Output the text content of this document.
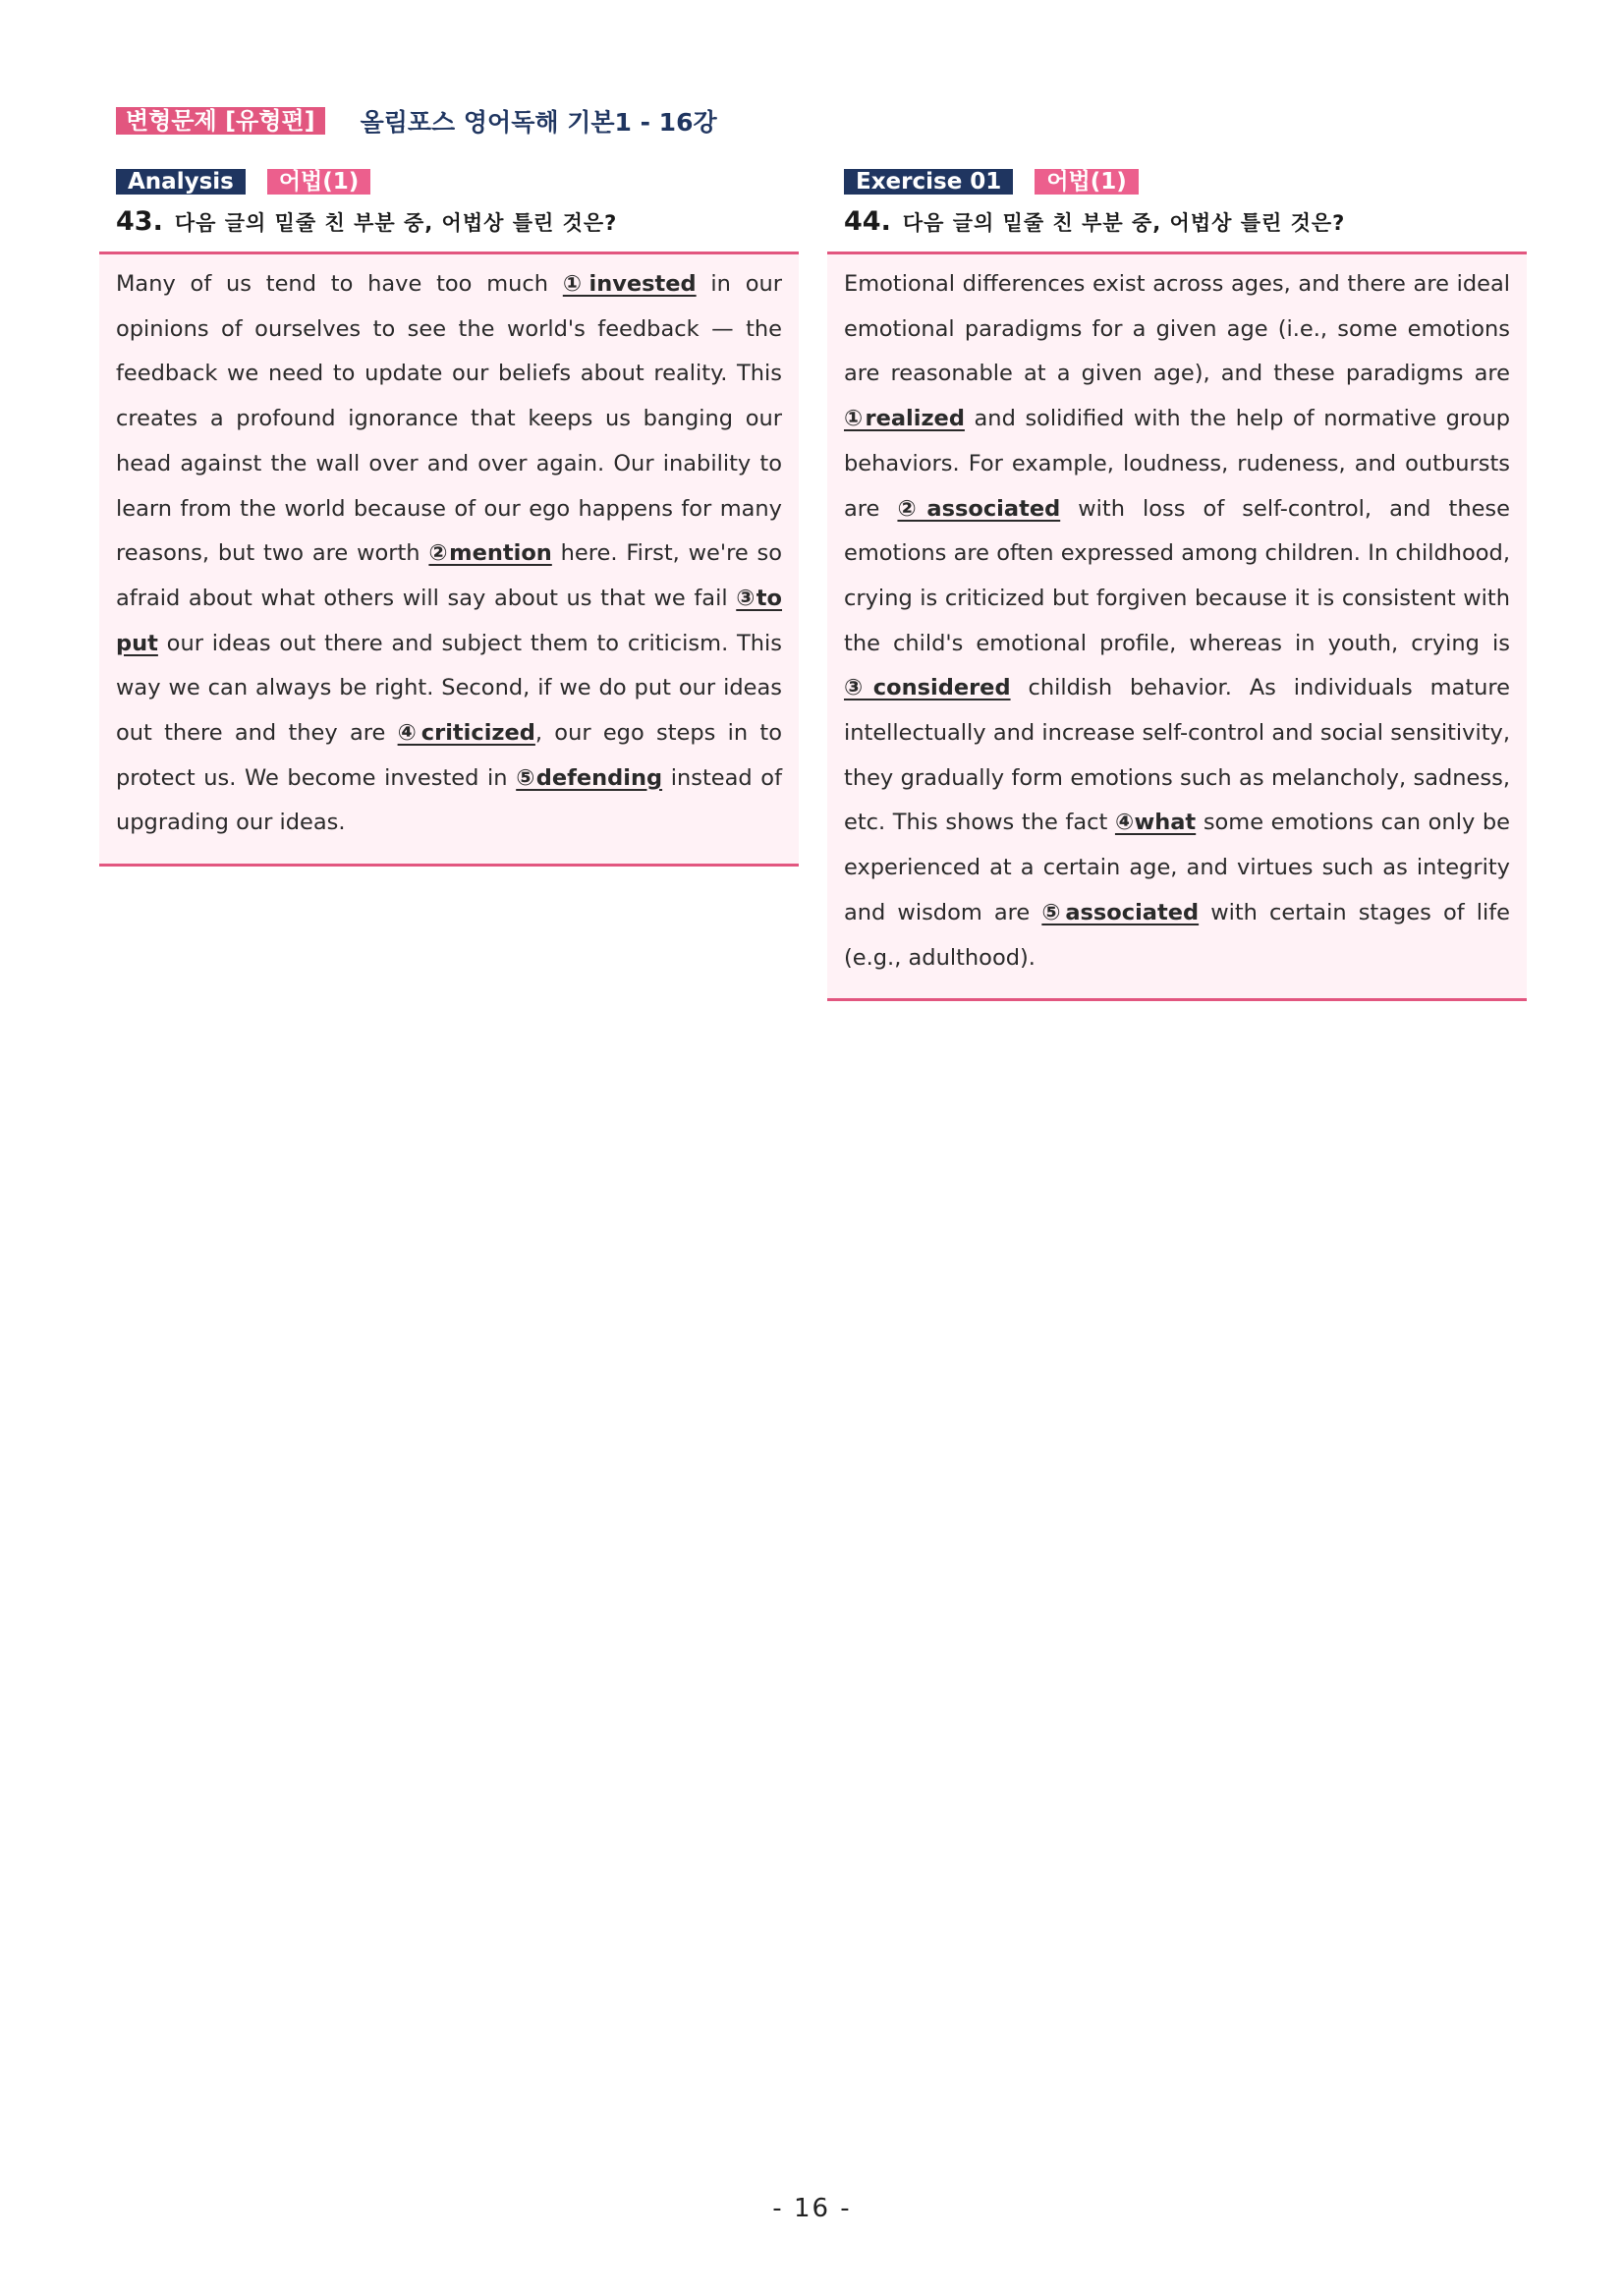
변형문제 [유형편]	올림포스 영어독해 기본1 - 16강
Analysis	어법(1)
43. 다음 글의 밑줄 친 부분 중, 어법상 틀린 것은?

Many of us tend to have too much ①invested in our opinions of ourselves to see the world's feedback — the feedback we need to update our beliefs about reality. This creates a profound ignorance that keeps us banging our head against the wall over and over again. Our inability to learn from the world because of our ego happens for many reasons, but two are worth ②mention here. First, we're so afraid about what others will say about us that we fail ③to put our ideas out there and subject them to criticism. This way we can always be right. Second, if we do put our ideas out there and they are ④criticized, our ego steps in to protect us. We become invested in ⑤defending instead of upgrading our ideas.

Exercise 01	어법(1)
44. 다음 글의 밑줄 친 부분 중, 어법상 틀린 것은?

Emotional differences exist across ages, and there are ideal emotional paradigms for a given age (i.e., some emotions are reasonable at a given age), and these paradigms are ①realized and solidified with the help of normative group behaviors. For example, loudness, rudeness, and outbursts are ②associated with loss of self-control, and these emotions are often expressed among children. In childhood, crying is criticized but forgiven because it is consistent with the child's emotional profile, whereas in youth, crying is ③considered childish behavior. As individuals mature intellectually and increase self-control and social sensitivity, they gradually form emotions such as melancholy, sadness, etc. This shows the fact ④what some emotions can only be experienced at a certain age, and virtues such as integrity and wisdom are ⑤associated with certain stages of life (e.g., adulthood).

- 16 -
